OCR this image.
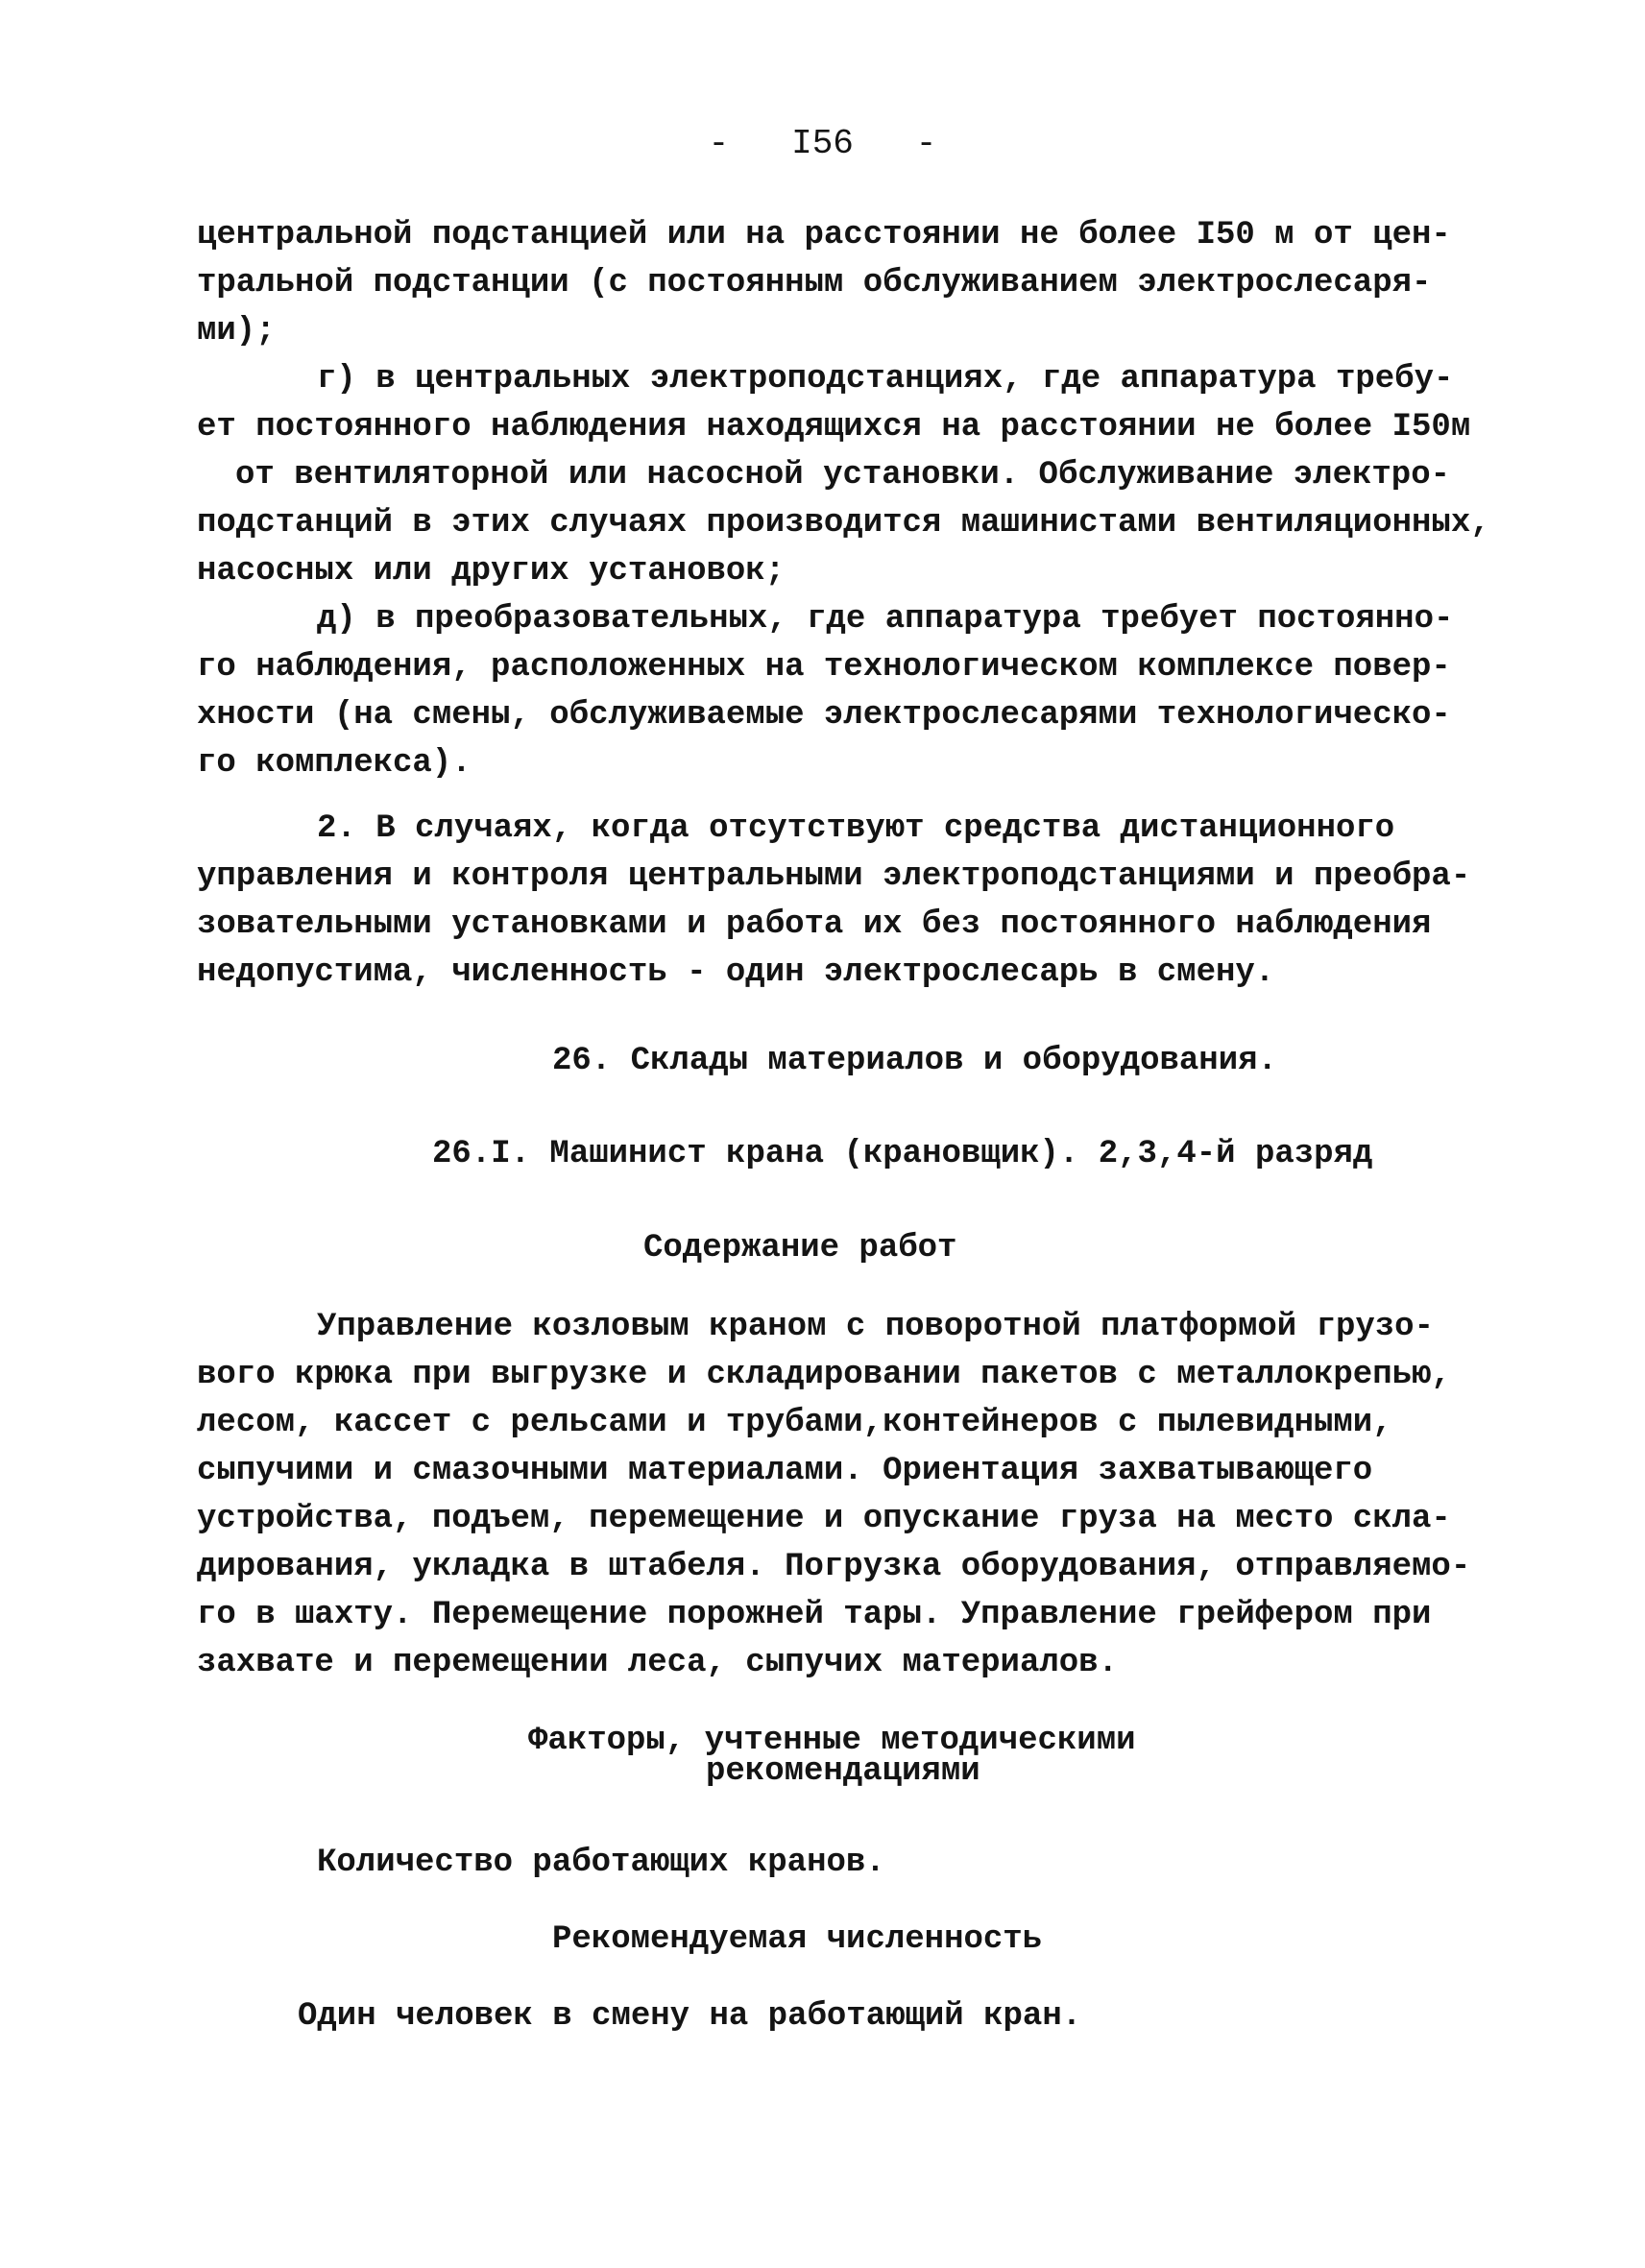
-   I56   -
центральной подстанцией или на расстоянии не более I50 м от цен-
тральной подстанции (с постоянным обслуживанием электрослесаря-
ми);
г) в центральных электроподстанциях, где аппаратура требу-
ет постоянного наблюдения находящихся на расстоянии не более I50м
от вентиляторной или насосной установки. Обслуживание электро-
подстанций в этих случаях производится машинистами вентиляционных,
насосных или других установок;
д) в преобразовательных, где аппаратура требует постоянно-
го наблюдения, расположенных на технологическом комплексе повер-
хности (на смены, обслуживаемые электрослесарями технологическо-
го комплекса).
2. В случаях, когда отсутствуют средства дистанционного
управления и контроля центральными электроподстанциями и преобра-
зовательными установками и работа их без постоянного наблюдения
недопустима, численность - один электрослесарь в смену.
26. Склады материалов и оборудования.
26.I. Машинист крана (крановщик). 2,3,4-й разряд
Содержание работ
Управление козловым краном с поворотной платформой грузо-
вого крюка при выгрузке и складировании пакетов с металлокрепью,
лесом, кассет с рельсами и трубами,контейнеров с пылевидными,
сыпучими и смазочными материалами. Ориентация захватывающего
устройства, подъем, перемещение и опускание груза на место скла-
дирования, укладка в штабеля. Погрузка оборудования, отправляемо-
го в шахту. Перемещение порожней тары. Управление грейфером при
захвате и перемещении леса, сыпучих материалов.
Факторы, учтенные методическими
рекомендациями
Количество работающих кранов.
Рекомендуемая численность
Один человек в смену на работающий кран.
